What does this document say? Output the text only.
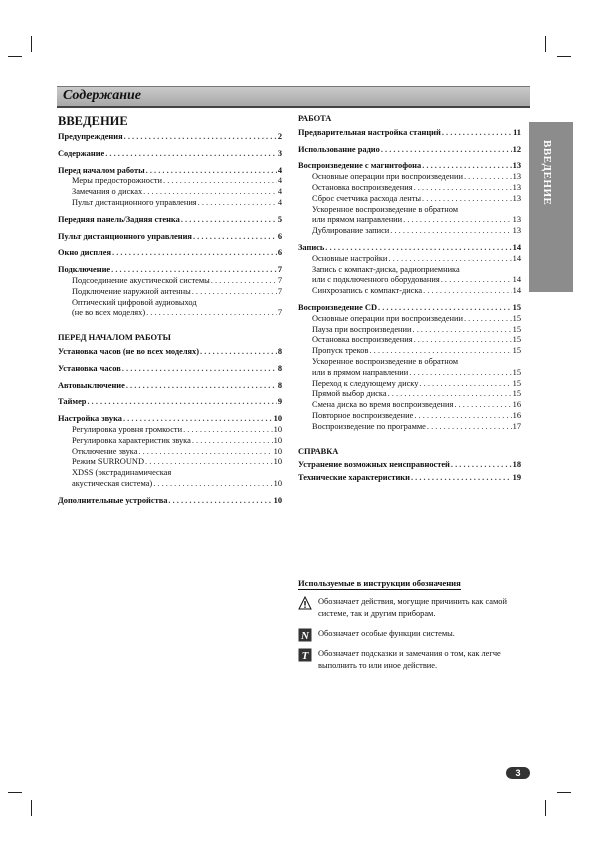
Содержание
ВВЕДЕНИЕ
ВВЕДЕНИЕ
Предупреждения . . .	2
Содержание . . .	3
Перед началом работы . . .	4
Меры предосторожности . . .	4
Замечания о дисках . . .	4
Пульт дистанционного управления . . .	4
Передняя панель/Задняя стенка . . .	5
Пульт дистанционного управления . . .	6
Окно дисплея . . .	6
Подключение . . .	7
Подсоединение акустической системы . . .	7
Подключение наружной антенны . . .	7
Оптический цифровой аудиовыход
(не во всех моделях) . . .	7
ПЕРЕД НАЧАЛОМ РАБОТЫ
Установка часов (не во всех моделях) . . .	8
Установка часов . . .	8
Автовыключение . . .	8
Таймер . . .	9
Настройка звука . . .	10
Регулировка уровня громкости . . .	10
Регулировка характеристик звука . . .	10
Отключение звука . . .	10
Режим SURROUND . . .	10
XDSS (экстрадинамическая
акустическая система) . . .	10
Дополнительные устройства . . .	10
РАБОТА
Предварительная настройка станций . . .	11
Использование радио . . .	12
Воспроизведение с магнитофона . . .	13
Основные операции при воспроизведении . . .	13
Остановка воспроизведения . . .	13
Сброс счетчика расхода ленты . . .	13
Ускоренное воспроизведение в обратном
или прямом направлении . . .	13
Дублирование записи . . .	13
Запись . . .	14
Основные настройки . . .	14
Запись с компакт-диска, радиоприемника
или с подключенного оборудования . . .	14
Синхрозапись с компакт-диска . . .	14
Воспроизведение CD . . .	15
Основные операции при воспроизведении . . .	15
Пауза при воспроизведении . . .	15
Остановка воспроизведения . . .	15
Пропуск треков . . .	15
Ускоренное воспроизведение в обратном
или в прямом направлении . . .	15
Переход к следующему диску . . .	15
Прямой выбор диска . . .	15
Смена диска во время воспроизведения . . .	16
Повторное воспроизведение . . .	16
Воспроизведение по программе . . .	17
СПРАВКА
Устранение возможных неисправностей . . .	18
Технические характеристики . . .	19
Используемые в инструкции обозначения
Обозначает действия, могущие причинить как самой системе, так и другим приборам.
N Обозначает особые функции системы.
T Обозначает подсказки и замечания о том, как легче выполнить то или иное действие.
3
